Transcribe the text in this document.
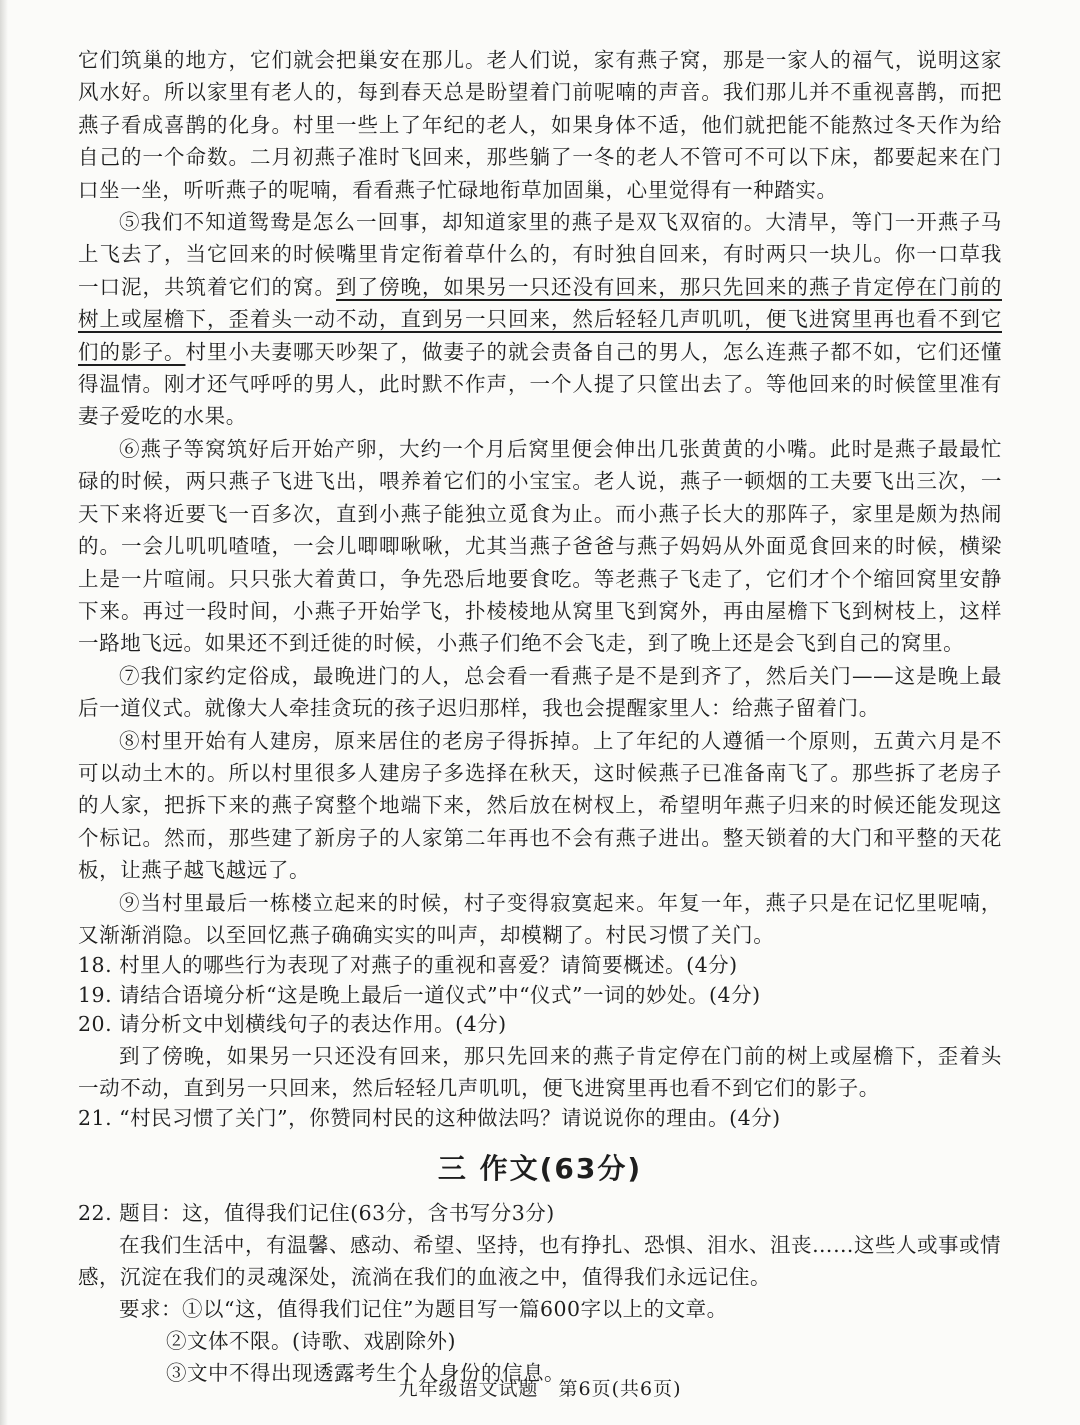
它们筑巢的地方，它们就会把巢安在那儿。老人们说，家有燕子窝，那是一家人的福气，说明这家风水好。所以家里有老人的，每到春天总是盼望着门前呢喃的声音。我们那儿并不重视喜鹊，而把燕子看成喜鹊的化身。村里一些上了年纪的老人，如果身体不适，他们就把能不能熬过冬天作为给自己的一个命数。二月初燕子准时飞回来，那些躺了一冬的老人不管可不可以下床，都要起来在门口坐一坐，听听燕子的呢喃，看看燕子忙碌地衔草加固巢，心里觉得有一种踏实。

⑤我们不知道鸳鸯是怎么一回事，却知道家里的燕子是双飞双宿的。大清早，等门一开燕子马上飞去了，当它回来的时候嘴里肯定衔着草什么的，有时独自回来，有时两只一块儿。你一口草我一口泥，共筑着它们的窝。到了傍晚，如果另一只还没有回来，那只先回来的燕子肯定停在门前的树上或屋檐下，歪着头一动不动，直到另一只回来，然后轻轻几声叽叽，便飞进窝里再也看不到它们的影子。村里小夫妻哪天吵架了，做妻子的就会责备自己的男人，怎么连燕子都不如，它们还懂得温情。刚才还气呼呼的男人，此时默不作声，一个人提了只筐出去了。等他回来的时候筐里准有妻子爱吃的水果。

⑥燕子等窝筑好后开始产卵，大约一个月后窝里便会伸出几张黄黄的小嘴。此时是燕子最最忙碌的时候，两只燕子飞进飞出，喂养着它们的小宝宝。老人说，燕子一顿烟的工夫要飞出三次，一天下来将近要飞一百多次，直到小燕子能独立觅食为止。而小燕子长大的那阵子，家里是颇为热闹的。一会儿叽叽喳喳，一会儿唧唧啾啾，尤其当燕子爸爸与燕子妈妈从外面觅食回来的时候，横梁上是一片喧闹。只只张大着黄口，争先恐后地要食吃。等老燕子飞走了，它们才个个缩回窝里安静下来。再过一段时间，小燕子开始学飞，扑棱棱地从窝里飞到窝外，再由屋檐下飞到树枝上，这样一路地飞远。如果还不到迁徙的时候，小燕子们绝不会飞走，到了晚上还是会飞到自己的窝里。

⑦我们家约定俗成，最晚进门的人，总会看一看燕子是不是到齐了，然后关门——这是晚上最后一道仪式。就像大人牵挂贪玩的孩子迟归那样，我也会提醒家里人：给燕子留着门。

⑧村里开始有人建房，原来居住的老房子得拆掉。上了年纪的人遵循一个原则，五黄六月是不可以动土木的。所以村里很多人建房子多选择在秋天，这时候燕子已准备南飞了。那些拆了老房子的人家，把拆下来的燕子窝整个地端下来，然后放在树杈上，希望明年燕子归来的时候还能发现这个标记。然而，那些建了新房子的人家第二年再也不会有燕子进出。整天锁着的大门和平整的天花板，让燕子越飞越远了。

⑨当村里最后一栋楼立起来的时候，村子变得寂寞起来。年复一年，燕子只是在记忆里呢喃，又渐渐消隐。以至回忆燕子确确实实的叫声，却模糊了。村民习惯了关门。

18. 村里人的哪些行为表现了对燕子的重视和喜爱？请简要概述。(4分)

19. 请结合语境分析“这是晚上最后一道仪式”中“仪式”一词的妙处。(4分)

20. 请分析文中划横线句子的表达作用。(4分)

到了傍晚，如果另一只还没有回来，那只先回来的燕子肯定停在门前的树上或屋檐下，歪着头一动不动，直到另一只回来，然后轻轻几声叽叽，便飞进窝里再也看不到它们的影子。

21. “村民习惯了关门”，你赞同村民的这种做法吗？请说说你的理由。(4分)

三 作文(63分)

22. 题目：这，值得我们记住(63分，含书写分3分)

在我们生活中，有温馨、感动、希望、坚持，也有挣扎、恐惧、泪水、沮丧……这些人或事或情感，沉淀在我们的灵魂深处，流淌在我们的血液之中，值得我们永远记住。

要求：①以“这，值得我们记住”为题目写一篇600字以上的文章。

②文体不限。(诗歌、戏剧除外)

③文中不得出现透露考生个人身份的信息。

九年级语文试题　第6页(共6页)
